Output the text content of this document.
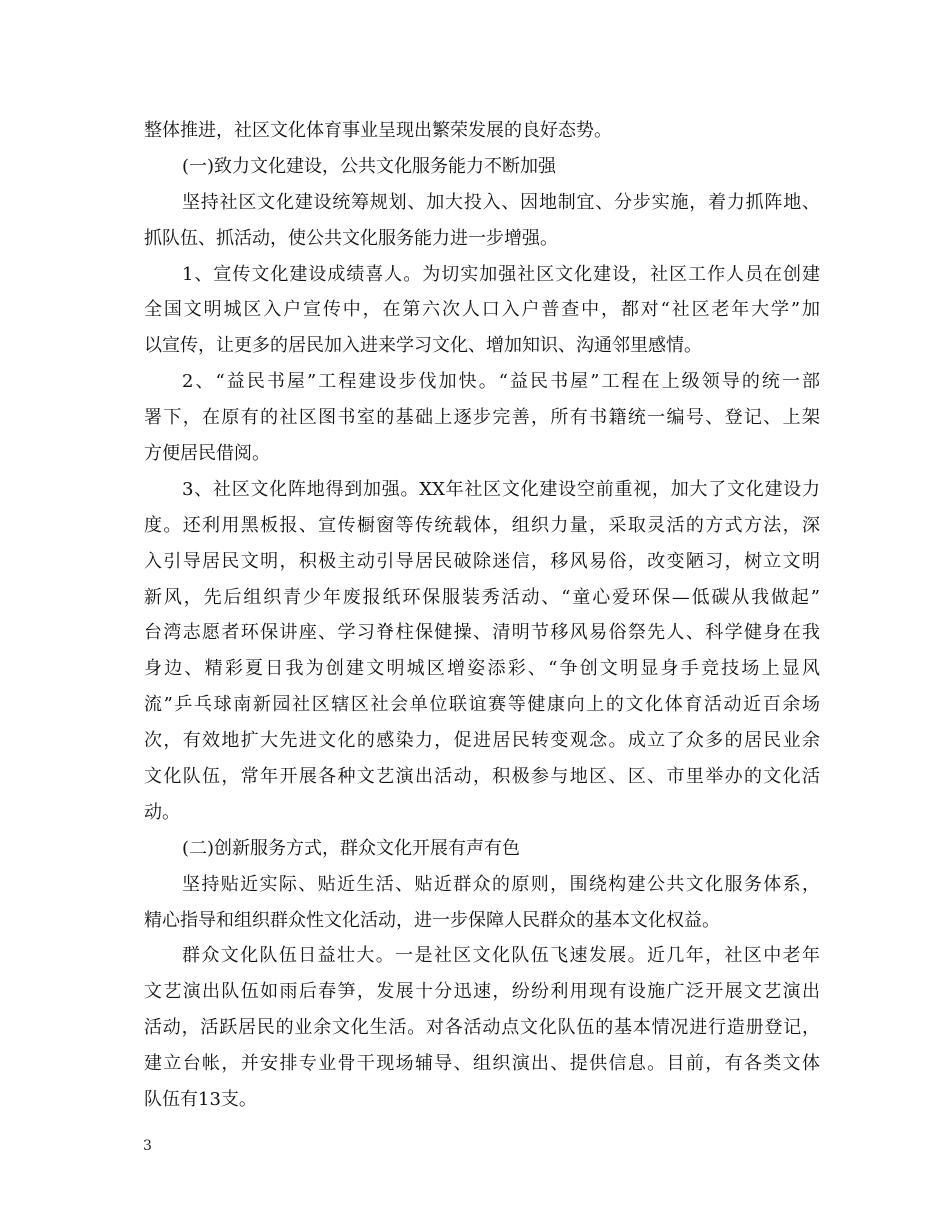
整体推进，社区文化体育事业呈现出繁荣发展的良好态势。
(一)致力文化建设，公共文化服务能力不断加强
坚持社区文化建设统筹规划、加大投入、因地制宜、分步实施，着力抓阵地、
抓队伍、抓活动，使公共文化服务能力进一步增强。
1、宣传文化建设成绩喜人。为切实加强社区文化建设，社区工作人员在创建
全国文明城区入户宣传中，在第六次人口入户普查中，都对“社区老年大学”加
以宣传，让更多的居民加入进来学习文化、增加知识、沟通邻里感情。
2、“益民书屋”工程建设步伐加快。“益民书屋”工程在上级领导的统一部
署下，在原有的社区图书室的基础上逐步完善，所有书籍统一编号、登记、上架
方便居民借阅。
3、社区文化阵地得到加强。XX年社区文化建设空前重视，加大了文化建设力
度。还利用黑板报、宣传橱窗等传统载体，组织力量，采取灵活的方式方法，深
入引导居民文明，积极主动引导居民破除迷信，移风易俗，改变陋习，树立文明
新风，先后组织青少年废报纸环保服装秀活动、“童心爱环保—低碳从我做起”
台湾志愿者环保讲座、学习脊柱保健操、清明节移风易俗祭先人、科学健身在我
身边、精彩夏日我为创建文明城区增姿添彩、“争创文明显身手竞技场上显风
流”乒乓球南新园社区辖区社会单位联谊赛等健康向上的文化体育活动近百余场
次，有效地扩大先进文化的感染力，促进居民转变观念。成立了众多的居民业余
文化队伍，常年开展各种文艺演出活动，积极参与地区、区、市里举办的文化活
动。
(二)创新服务方式，群众文化开展有声有色
坚持贴近实际、贴近生活、贴近群众的原则，围绕构建公共文化服务体系，
精心指导和组织群众性文化活动，进一步保障人民群众的基本文化权益。
群众文化队伍日益壮大。一是社区文化队伍飞速发展。近几年，社区中老年
文艺演出队伍如雨后春笋，发展十分迅速，纷纷利用现有设施广泛开展文艺演出
活动，活跃居民的业余文化生活。对各活动点文化队伍的基本情况进行造册登记，
建立台帐，并安排专业骨干现场辅导、组织演出、提供信息。目前，有各类文体
队伍有13支。
3
